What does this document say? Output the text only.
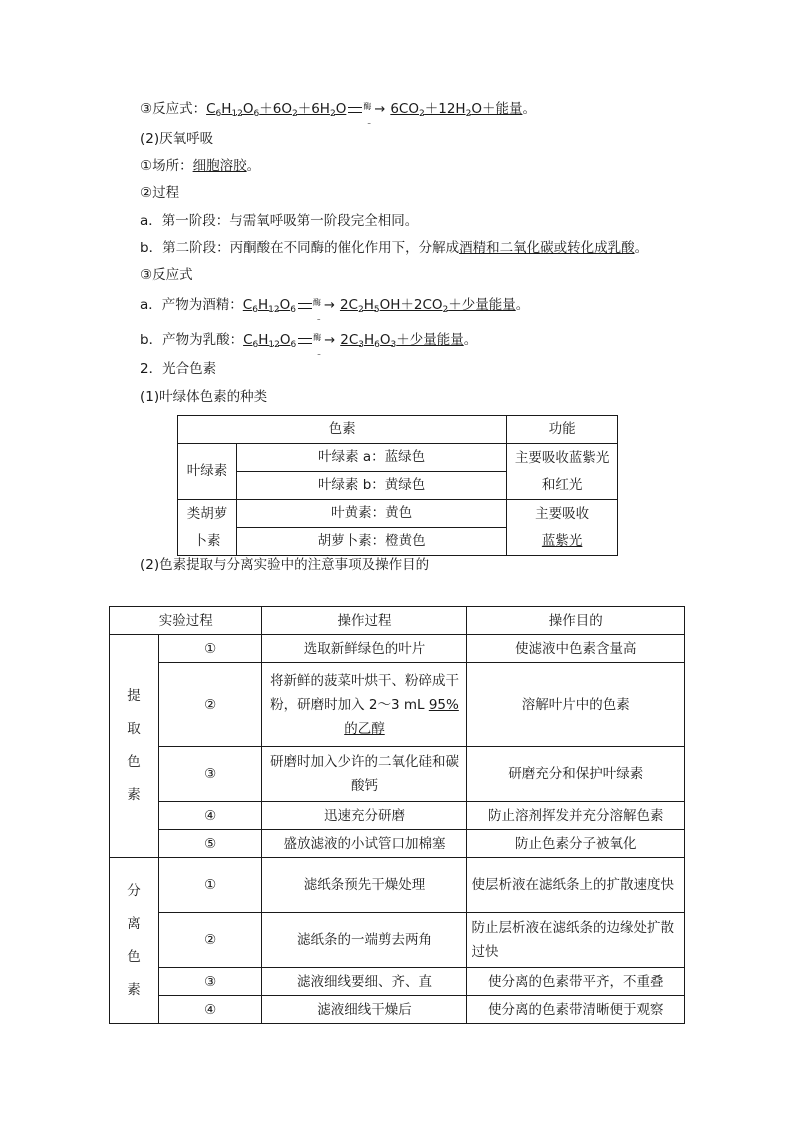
③反应式：$C_6H_{12}O_6+6O_2+6H_2O$ 酶
–
→ $6CO_2+12H_2O+$能量。
(2)厌氧呼吸
①场所：细胞溶胶。
②过程
a．第一阶段：与需氧呼吸第一阶段完全相同。
b．第二阶段：丙酮酸在不同酶的催化作用下，分解成酒精和二氧化碳或转化成乳酸。
③反应式
a．产物为酒精：$C_6H_{12}O_6$
酶
–
→ $2C_2H_5OH+2CO_2+$少量能量。
b．产物为乳酸：$C_6H_{12}O_6$
酶
–
→ $2C_3H_6O_3+$少量能量。
2．光合色素
(1)叶绿体色素的种类
色素		功能
叶绿素	叶绿素 a：蓝绿色	主要吸收蓝紫光和红光

	叶绿素 b：黄绿色	

类胡萝卜素	叶黄素：黄色	主要吸收
蓝紫光

	胡萝卜素：橙黄色	
(2)色素提取与分离实验中的注意事项及操作目的
实验过程		操作过程	操作目的

提取色素	①	选取新鲜绿色的叶片	使滤液中色素含量高
	②	将新鲜的菠菜叶烘干、粉碎成干粉，研磨时加入 2～3 mL 95%的乙醇	溶解叶片中的色素
	③	研磨时加入少许的二氧化硅和碳酸钙	研磨充分和保护叶绿素
	④	迅速充分研磨	防止溶剂挥发并充分溶解色素
	⑤	盛放滤液的小试管口加棉塞	防止色素分子被氧化

分离色素	①	滤纸条预先干燥处理	使层析液在滤纸条上的扩散速度快
	②	滤纸条的一端剪去两角	防止层析液在滤纸条的边缘处扩散过快
	③	滤液细线要细、齐、直	使分离的色素带平齐，不重叠
	④	滤液细线干燥后	使分离的色素带清晰便于观察
